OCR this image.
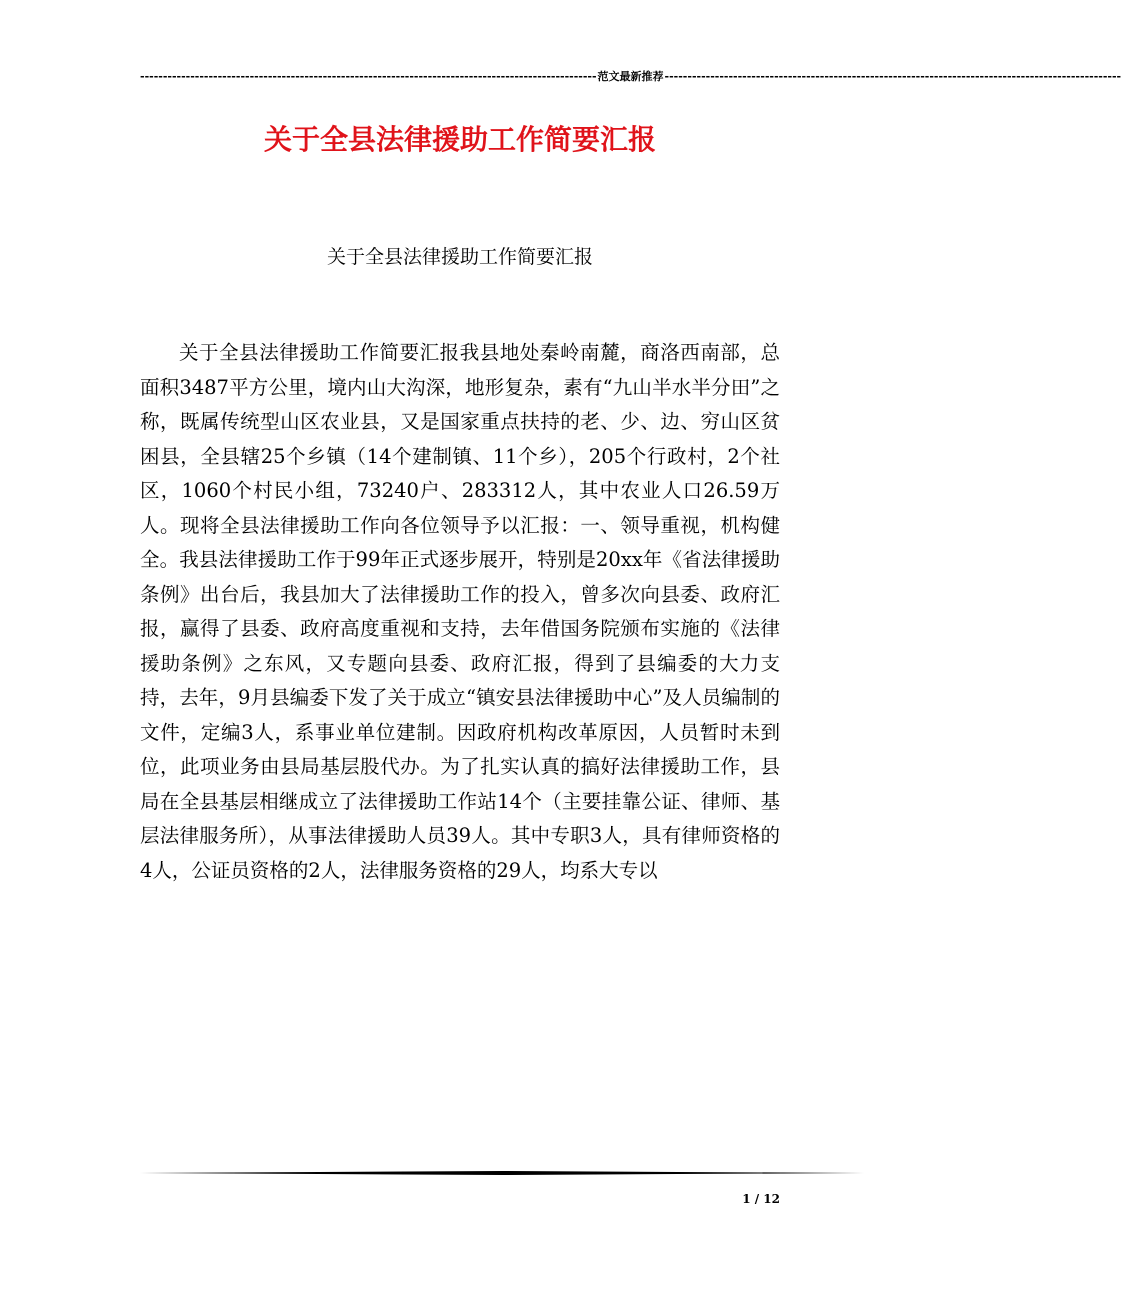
---------------------------------------------------------------------------------------------------- 范文最新推荐 ----------------------------------------------------------------------------------------------------
关于全县法律援助工作简要汇报
关于全县法律援助工作简要汇报

关于全县法律援助工作简要汇报我县地处秦岭南麓，商洛西南部，总面积3487平方公里，境内山大沟深，地形复杂，素有“九山半水半分田”之称，既属传统型山区农业县，又是国家重点扶持的老、少、边、穷山区贫困县，全县辖25个乡镇（14个建制镇、11个乡），205个行政村，2个社区，1060个村民小组，73240户、283312人，其中农业人口26.59万人。现将全县法律援助工作向各位领导予以汇报：一、领导重视，机构健全。我县法律援助工作于99年正式逐步展开，特别是20xx年《省法律援助条例》出台后，我县加大了法律援助工作的投入，曾多次向县委、政府汇报，赢得了县委、政府高度重视和支持，去年借国务院颁布实施的《法律援助条例》之东风，又专题向县委、政府汇报，得到了县编委的大力支持，去年，9月县编委下发了关于成立“镇安县法律援助中心”及人员编制的文件，定编3人，系事业单位建制。因政府机构改革原因，人员暂时未到位，此项业务由县局基层股代办。为了扎实认真的搞好法律援助工作，县局在全县基层相继成立了法律援助工作站14个（主要挂靠公证、律师、基层法律服务所），从事法律援助人员39人。其中专职3人，具有律师资格的4人，公证员资格的2人，法律服务资格的29人，均系大专以

1 / 12
